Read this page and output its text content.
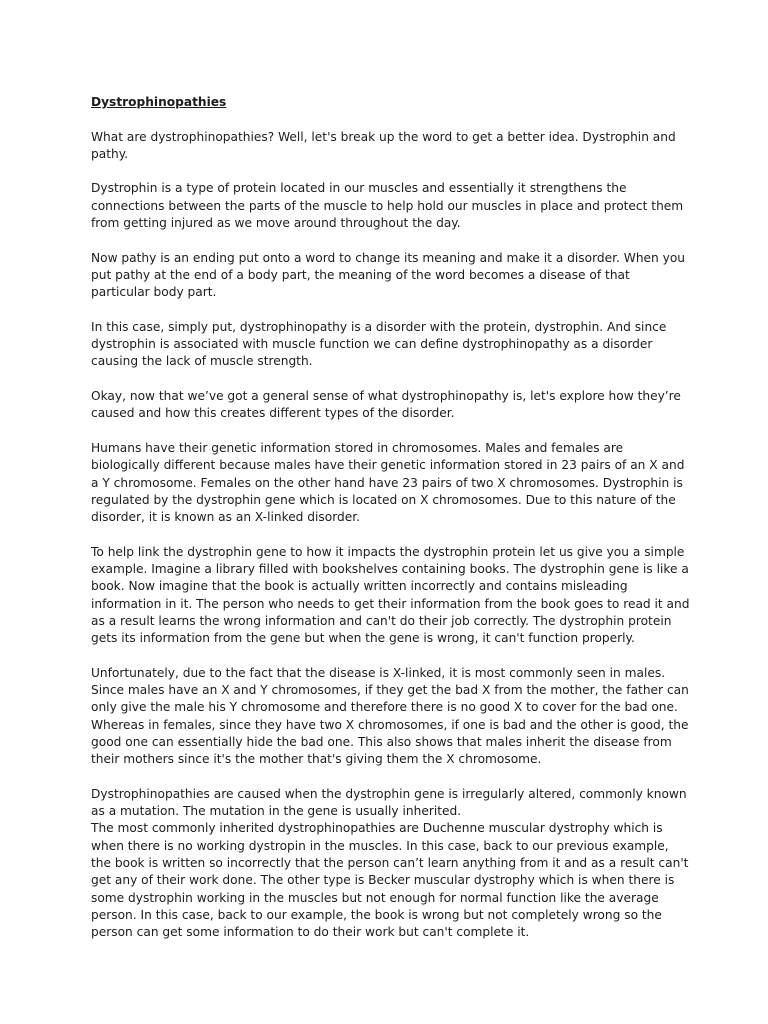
Dystrophinopathies

What are dystrophinopathies? Well, let's break up the word to get a better idea. Dystrophin and pathy.

Dystrophin is a type of protein located in our muscles and essentially it strengthens the connections between the parts of the muscle to help hold our muscles in place and protect them from getting injured as we move around throughout the day.

Now pathy is an ending put onto a word to change its meaning and make it a disorder. When you put pathy at the end of a body part, the meaning of the word becomes a disease of that particular body part.

In this case, simply put, dystrophinopathy is a disorder with the protein, dystrophin. And since dystrophin is associated with muscle function we can define dystrophinopathy as a disorder causing the lack of muscle strength.

Okay, now that we’ve got a general sense of what dystrophinopathy is, let's explore how they’re caused and how this creates different types of the disorder.

Humans have their genetic information stored in chromosomes. Males and females are biologically different because males have their genetic information stored in 23 pairs of an X and a Y chromosome. Females on the other hand have 23 pairs of two X chromosomes. Dystrophin is regulated by the dystrophin gene which is located on X chromosomes. Due to this nature of the disorder, it is known as an X-linked disorder.

To help link the dystrophin gene to how it impacts the dystrophin protein let us give you a simple example. Imagine a library filled with bookshelves containing books. The dystrophin gene is like a book. Now imagine that the book is actually written incorrectly and contains misleading information in it. The person who needs to get their information from the book goes to read it and as a result learns the wrong information and can't do their job correctly. The dystrophin protein gets its information from the gene but when the gene is wrong, it can't function properly.

Unfortunately, due to the fact that the disease is X-linked, it is most commonly seen in males. Since males have an X and Y chromosomes, if they get the bad X from the mother, the father can only give the male his Y chromosome and therefore there is no good X to cover for the bad one. Whereas in females, since they have two X chromosomes, if one is bad and the other is good, the good one can essentially hide the bad one. This also shows that males inherit the disease from their mothers since it's the mother that's giving them the X chromosome.

Dystrophinopathies are caused when the dystrophin gene is irregularly altered, commonly known as a mutation. The mutation in the gene is usually inherited.

The most commonly inherited dystrophinopathies are Duchenne muscular dystrophy which is when there is no working dystropin in the muscles. In this case, back to our previous example, the book is written so incorrectly that the person can’t learn anything from it and as a result can't get any of their work done. The other type is Becker muscular dystrophy which is when there is some dystrophin working in the muscles but not enough for normal function like the average person. In this case, back to our example, the book is wrong but not completely wrong so the person can get some information to do their work but can't complete it.
